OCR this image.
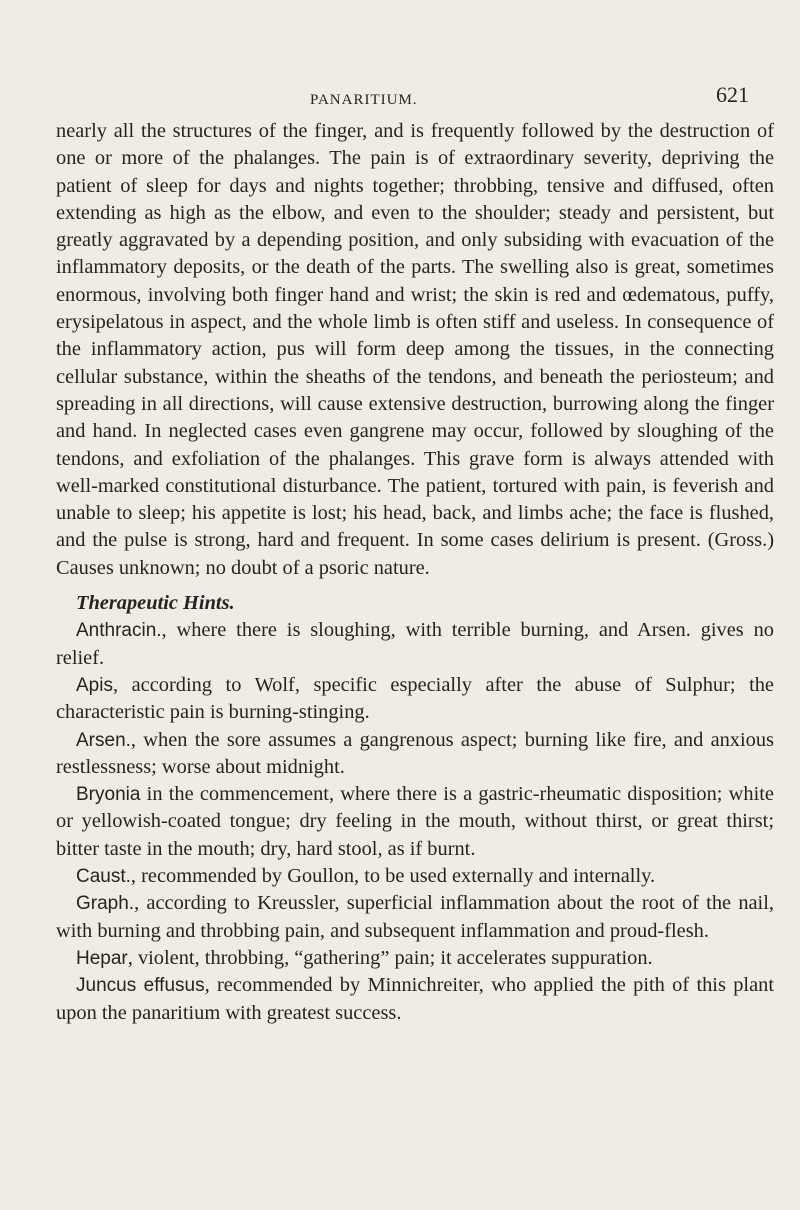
PANARITIUM.	621

nearly all the structures of the finger, and is frequently followed by the destruction of one or more of the phalanges. The pain is of extraordinary severity, depriving the patient of sleep for days and nights together; throbbing, tensive and diffused, often extending as high as the elbow, and even to the shoulder; steady and persistent, but greatly aggravated by a depending position, and only subsiding with evacuation of the inflammatory deposits, or the death of the parts. The swelling also is great, sometimes enormous, involving both finger hand and wrist; the skin is red and œdematous, puffy, erysipelatous in aspect, and the whole limb is often stiff and useless. In consequence of the inflammatory action, pus will form deep among the tissues, in the connecting cellular substance, within the sheaths of the tendons, and beneath the periosteum; and spreading in all directions, will cause extensive destruction, burrowing along the finger and hand. In neglected cases even gangrene may occur, followed by sloughing of the tendons, and exfoliation of the phalanges. This grave form is always attended with well-marked constitutional disturbance. The patient, tortured with pain, is feverish and unable to sleep; his appetite is lost; his head, back, and limbs ache; the face is flushed, and the pulse is strong, hard and frequent. In some cases delirium is present. (Gross.) Causes unknown; no doubt of a psoric nature.

Therapeutic Hints.

Anthracin., where there is sloughing, with terrible burning, and Arsen. gives no relief.

Apis, according to Wolf, specific especially after the abuse of Sulphur; the characteristic pain is burning-stinging.

Arsen., when the sore assumes a gangrenous aspect; burning like fire, and anxious restlessness; worse about midnight.

Bryonia in the commencement, where there is a gastric-rheumatic disposition; white or yellowish-coated tongue; dry feeling in the mouth, without thirst, or great thirst; bitter taste in the mouth; dry, hard stool, as if burnt.

Caust., recommended by Goullon, to be used externally and internally.

Graph., according to Kreussler, superficial inflammation about the root of the nail, with burning and throbbing pain, and subsequent inflammation and proud-flesh.

Hepar, violent, throbbing, “gathering” pain; it accelerates suppuration.

Juncus effusus, recommended by Minnichreiter, who applied the pith of this plant upon the panaritium with greatest success.
